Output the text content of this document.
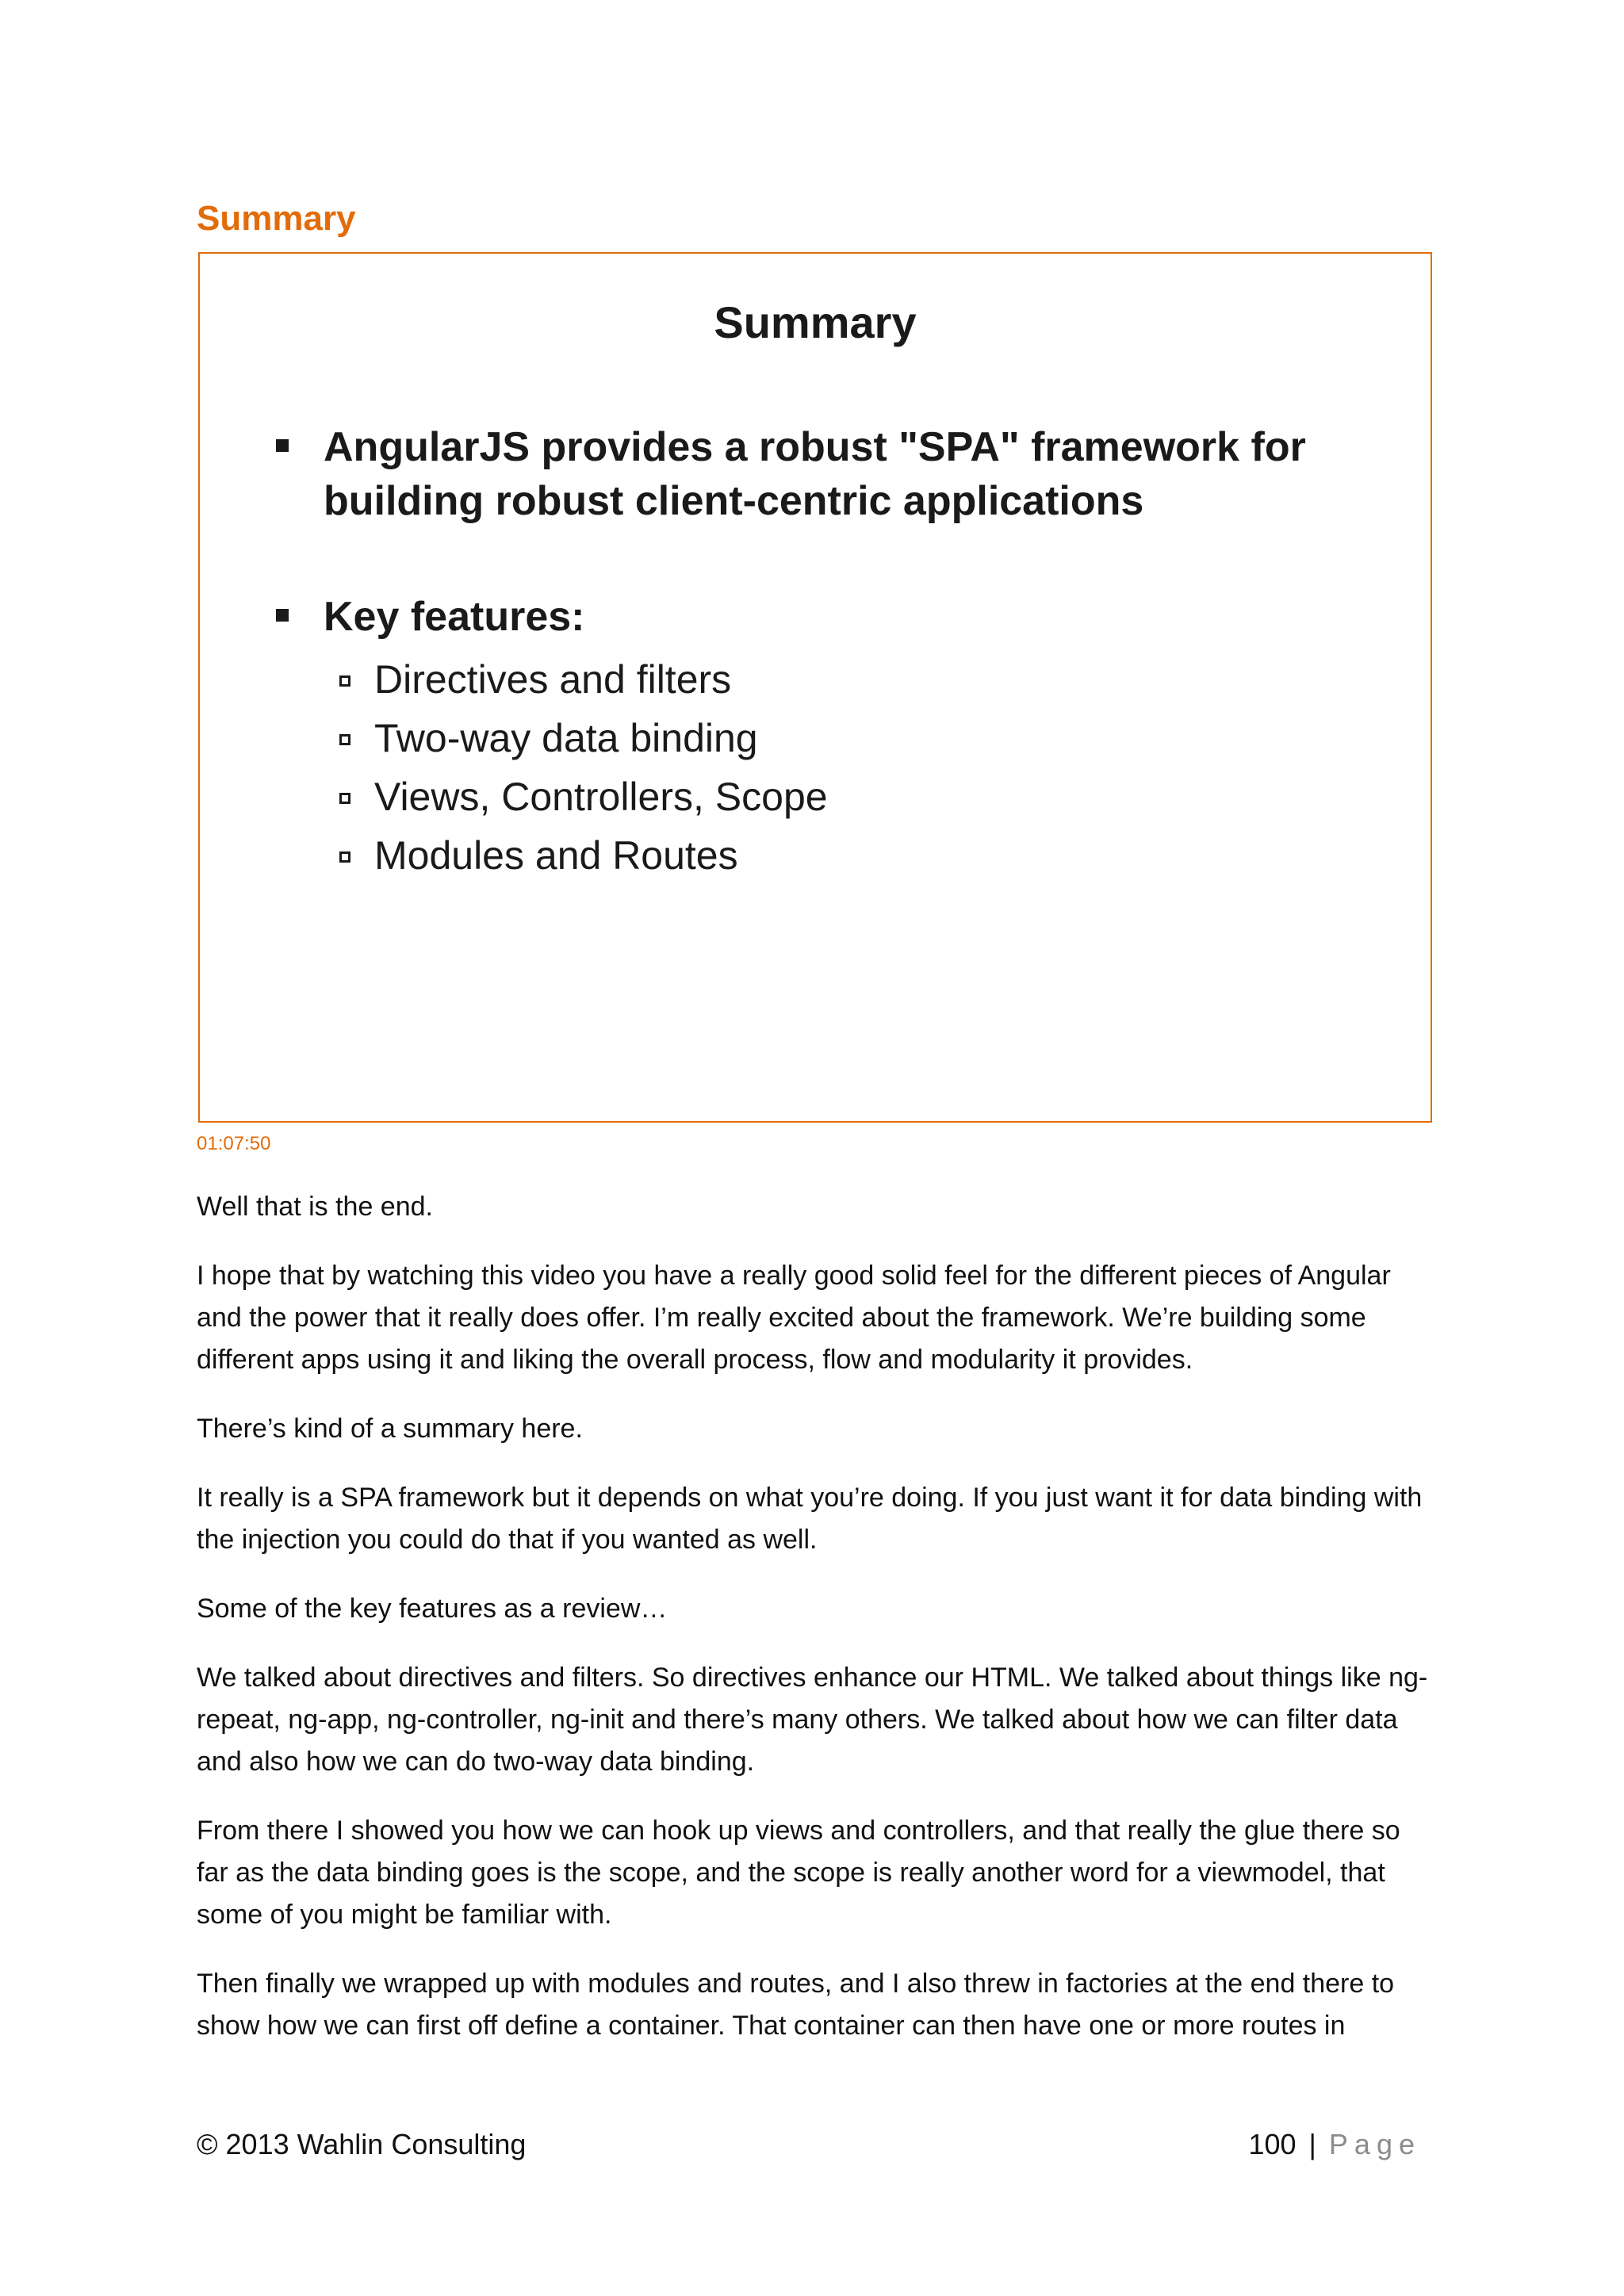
Summary
Summary
AngularJS provides a robust "SPA" framework for
building robust client-centric applications
Key features:
Directives and filters
Two-way data binding
Views, Controllers, Scope
Modules and Routes
01:07:50

Well that is the end.

I hope that by watching this video you have a really good solid feel for the different pieces of Angular and the power that it really does offer. I’m really excited about the framework. We’re building some different apps using it and liking the overall process, flow and modularity it provides.

There’s kind of a summary here.

It really is a SPA framework but it depends on what you’re doing. If you just want it for data binding with the injection you could do that if you wanted as well.

Some of the key features as a review…

We talked about directives and filters. So directives enhance our HTML. We talked about things like ng-repeat, ng-app, ng-controller, ng-init and there’s many others. We talked about how we can filter data and also how we can do two-way data binding.

From there I showed you how we can hook up views and controllers, and that really the glue there so far as the data binding goes is the scope, and the scope is really another word for a viewmodel, that some of you might be familiar with.

Then finally we wrapped up with modules and routes, and I also threw in factories at the end there to show how we can first off define a container. That container can then have one or more routes in

© 2013 Wahlin Consulting	100 | Page
